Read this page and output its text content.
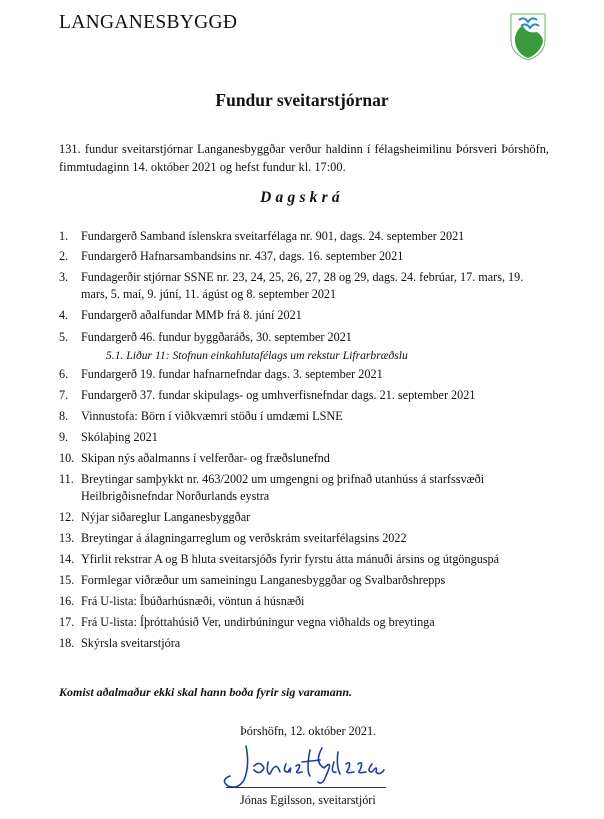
LANGANESBYGGÐ
Fundur sveitarstjórnar
131. fundur sveitarstjórnar Langanesbyggðar verður haldinn í félagsheimilinu Þórsveri Þórshöfn, fimmtudaginn 14. október 2021 og hefst fundur kl. 17:00.
Dagskrá
1. Fundargerð Samband íslenskra sveitarfélaga nr. 901, dags. 24. september 2021
2. Fundargerð Hafnarsambandsins nr. 437, dags. 16. september 2021
3. Fundagerðir stjórnar SSNE nr. 23, 24, 25, 26, 27, 28 og 29, dags. 24. febrúar, 17. mars, 19. mars, 5. maí, 9. júní, 11. ágúst og 8. september 2021
4. Fundargerð aðalfundar MMÞ frá 8. júní 2021
5. Fundargerð 46. fundur byggðaráðs, 30. september 2021
5.1. Liður 11: Stofnun einkahlutafélags um rekstur Lifrarbræðslu
6. Fundargerð 19. fundar hafnarnefndar dags. 3. september 2021
7. Fundargerð 37. fundar skipulags- og umhverfisnefndar dags. 21. september 2021
8. Vinnustofa: Börn í viðkvæmri stöðu í umdæmi LSNE
9. Skólaþing 2021
10. Skipan nýs aðalmanns í velferðar- og fræðslunefnd
11. Breytingar samþykkt nr. 463/2002 um umgengni og þrifnað utanhúss á starfssvæði Heilbrigðisnefndar Norðurlands eystra
12. Nýjar siðareglur Langanesbyggðar
13. Breytingar á álagningarreglum og verðskrám sveitarfélagsins 2022
14. Yfirlit rekstrar A og B hluta sveitarsjóðs fyrir fyrstu átta mánuði ársins og útgönguspá
15. Formlegar viðræður um sameiningu Langanesbyggðar og Svalbarðshrepps
16. Frá U-lista: Íbúðarhúsnæði, vöntun á húsnæði
17. Frá U-lista: Íþróttahúsið Ver, undirbúningur vegna viðhalds og breytinga
18. Skýrsla sveitarstjóra
Komist aðalmaður ekki skal hann boða fyrir sig varamann.
Þórshöfn, 12. október 2021.
Jónas Egilsson, sveitarstjóri
